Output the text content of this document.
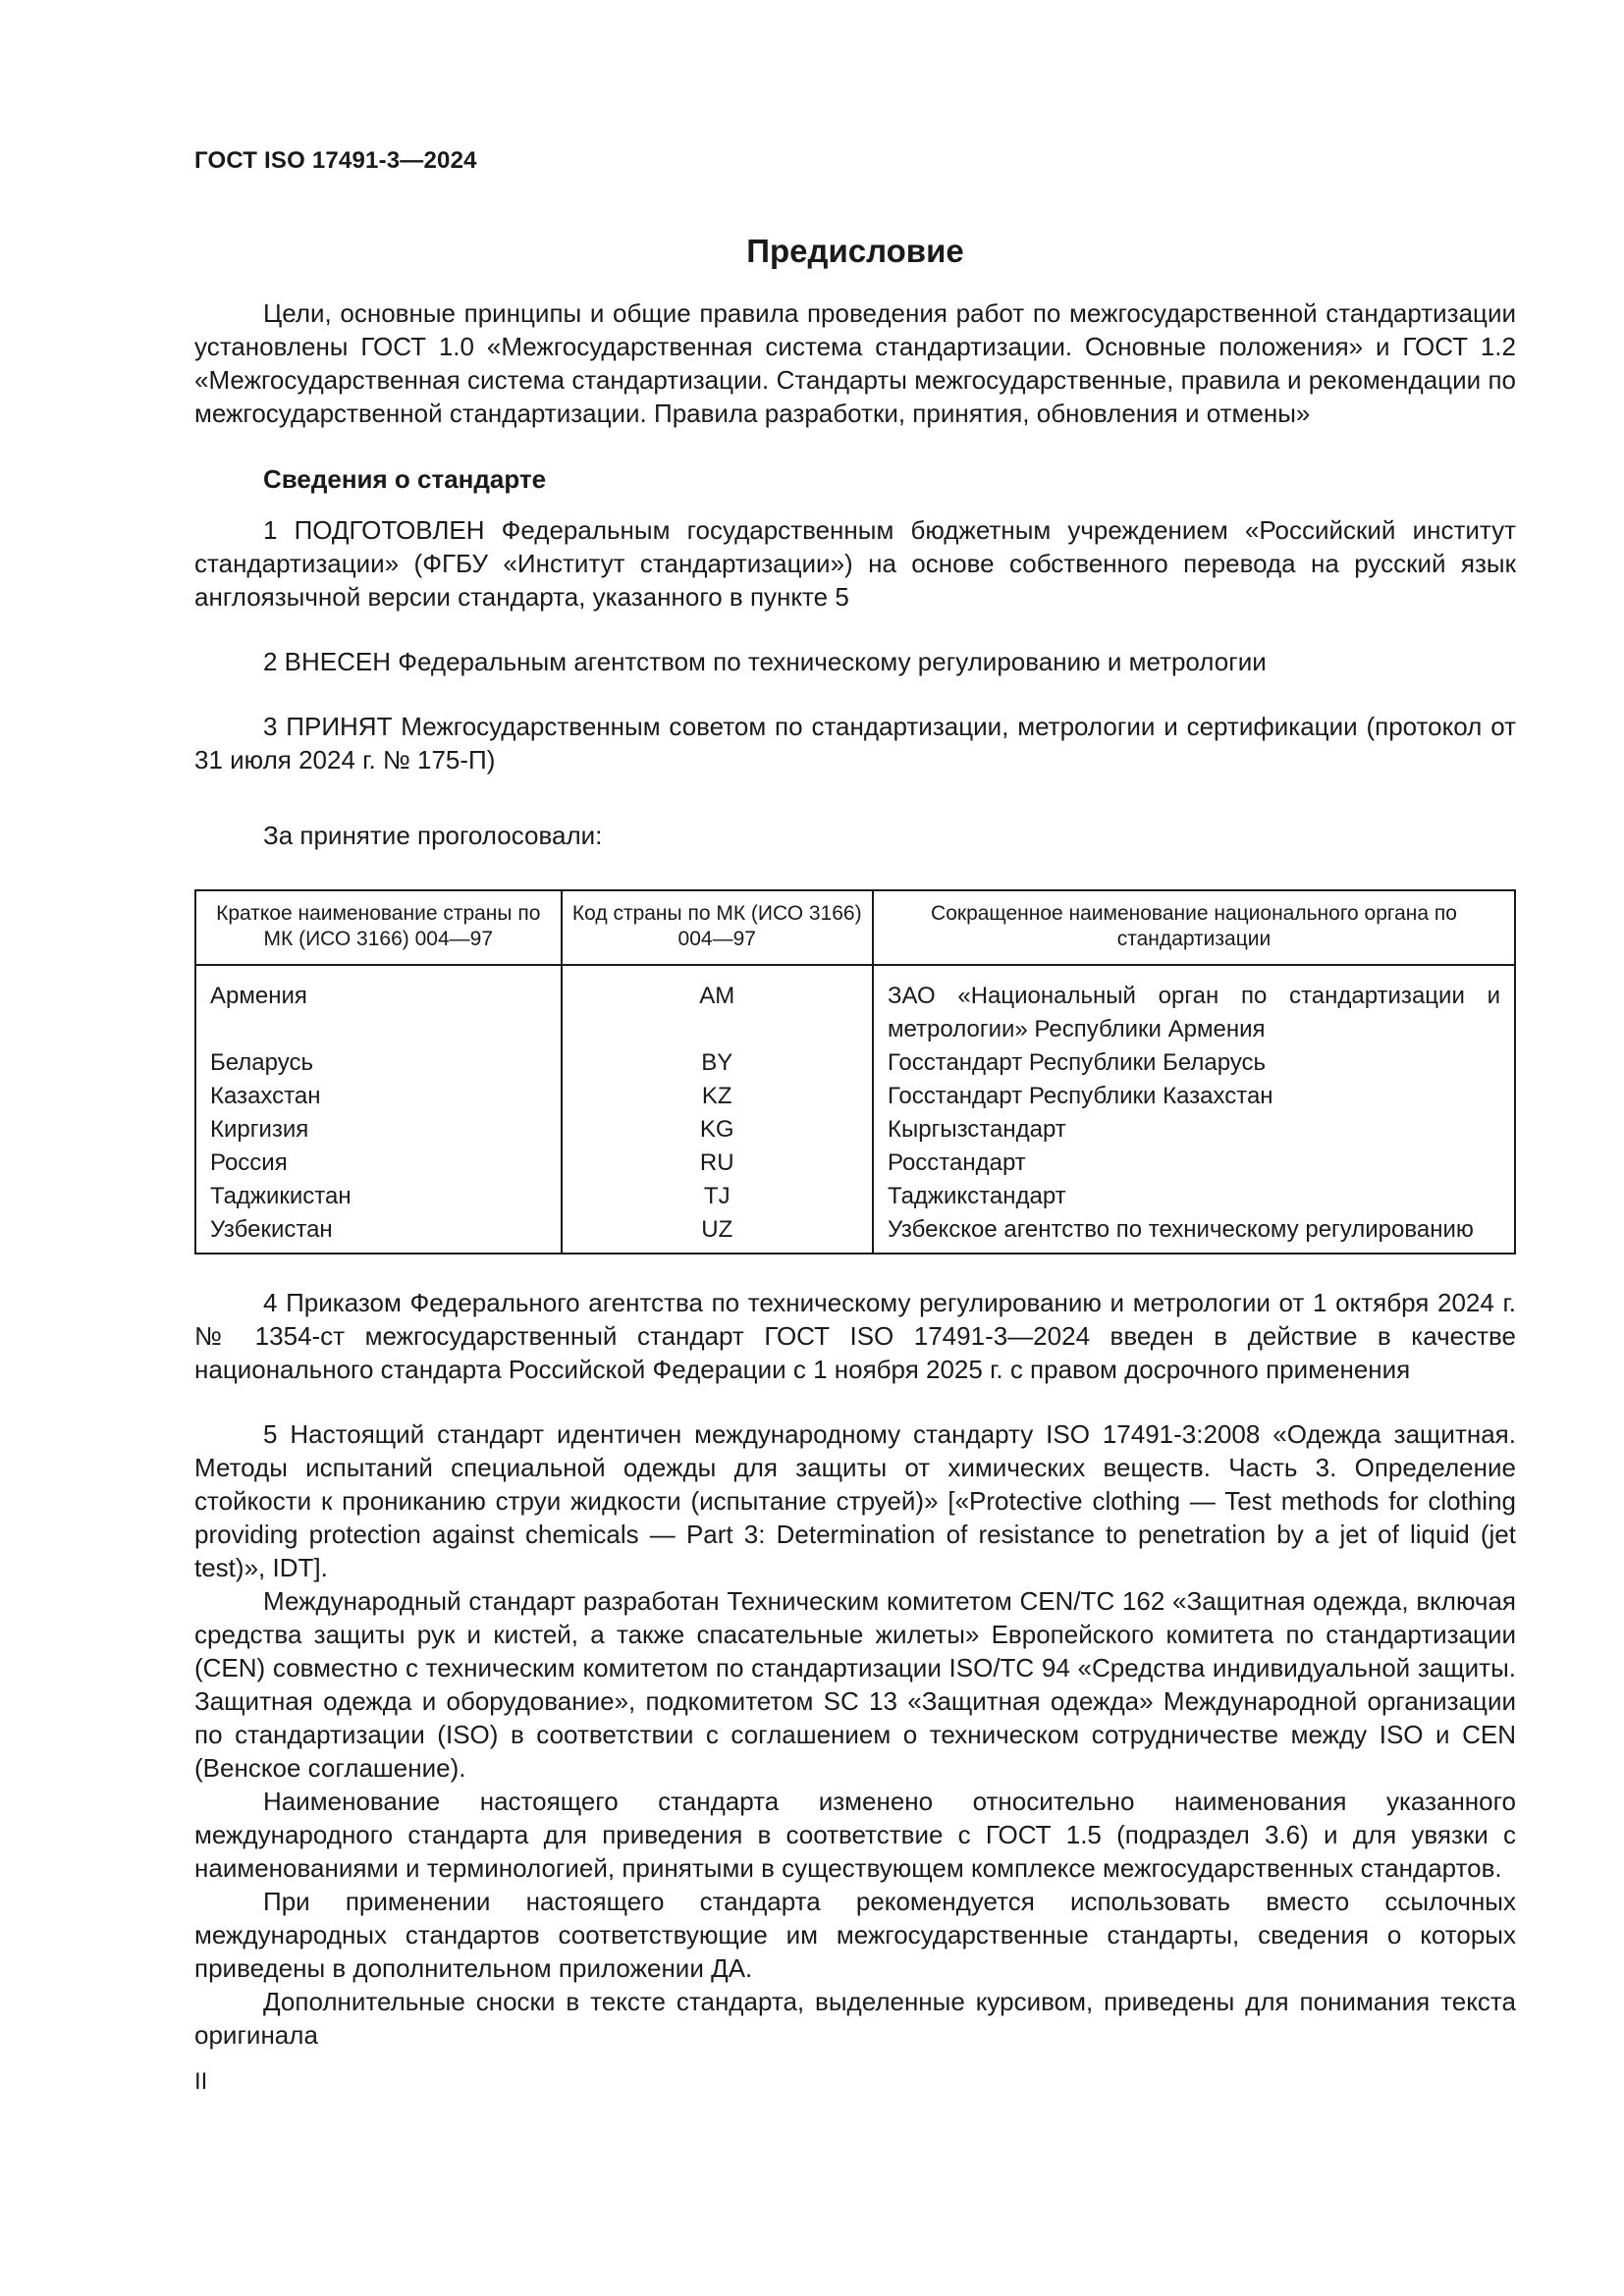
ГОСТ ISO 17491-3—2024
Предисловие

Цели, основные принципы и общие правила проведения работ по межгосударственной стандартизации установлены ГОСТ 1.0 «Межгосударственная система стандартизации. Основные положения» и ГОСТ 1.2 «Межгосударственная система стандартизации. Стандарты межгосударственные, правила и рекомендации по межгосударственной стандартизации. Правила разработки, принятия, обновления и отмены»

Сведения о стандарте

1 ПОДГОТОВЛЕН Федеральным государственным бюджетным учреждением «Российский институт стандартизации» (ФГБУ «Институт стандартизации») на основе собственного перевода на русский язык англоязычной версии стандарта, указанного в пункте 5

2 ВНЕСЕН Федеральным агентством по техническому регулированию и метрологии

3 ПРИНЯТ Межгосударственным советом по стандартизации, метрологии и сертификации (протокол от 31 июля 2024 г. № 175-П)

За принятие проголосовали:

Краткое наименование страны по МК (ИСО 3166) 004—97	Код страны по МК (ИСО 3166) 004—97	Сокращенное наименование национального органа по стандартизации
Армения	AM	ЗАО «Национальный орган по стандартизации и метрологии» Республики Армения
Беларусь	BY	Госстандарт Республики Беларусь
Казахстан	KZ	Госстандарт Республики Казахстан
Киргизия	KG	Кыргызстандарт
Россия	RU	Росстандарт
Таджикистан	TJ	Таджикстандарт
Узбекистан	UZ	Узбекское агентство по техническому регулированию

4 Приказом Федерального агентства по техническому регулированию и метрологии от 1 октября 2024 г. № 1354-ст межгосударственный стандарт ГОСТ ISO 17491-3—2024 введен в действие в качестве национального стандарта Российской Федерации с 1 ноября 2025 г. с правом досрочного применения

5 Настоящий стандарт идентичен международному стандарту ISO 17491-3:2008 «Одежда защитная. Методы испытаний специальной одежды для защиты от химических веществ. Часть 3. Определение стойкости к прониканию струи жидкости (испытание струей)» [«Protective clothing — Test methods for clothing providing protection against chemicals — Part 3: Determination of resistance to penetration by a jet of liquid (jet test)», IDT].

Международный стандарт разработан Техническим комитетом CEN/TC 162 «Защитная одежда, включая средства защиты рук и кистей, а также спасательные жилеты» Европейского комитета по стандартизации (CEN) совместно с техническим комитетом по стандартизации ISO/TC 94 «Средства индивидуальной защиты. Защитная одежда и оборудование», подкомитетом SC 13 «Защитная одежда» Международной организации по стандартизации (ISO) в соответствии с соглашением о техническом сотрудничестве между ISO и CEN (Венское соглашение).

Наименование настоящего стандарта изменено относительно наименования указанного международного стандарта для приведения в соответствие с ГОСТ 1.5 (подраздел 3.6) и для увязки с наименованиями и терминологией, принятыми в существующем комплексе межгосударственных стандартов.

При применении настоящего стандарта рекомендуется использовать вместо ссылочных международных стандартов соответствующие им межгосударственные стандарты, сведения о которых приведены в дополнительном приложении ДА.

Дополнительные сноски в тексте стандарта, выделенные курсивом, приведены для понимания текста оригинала

II
